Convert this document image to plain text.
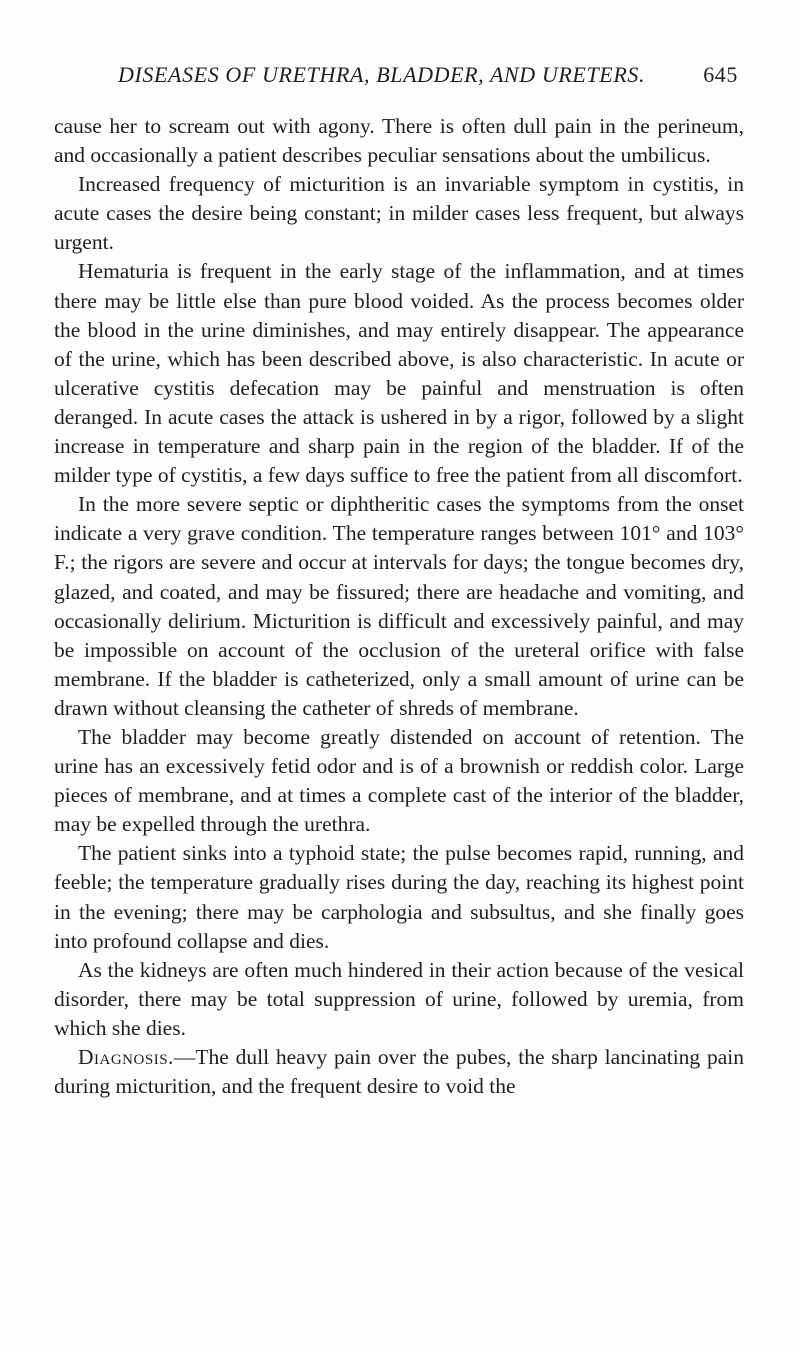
DISEASES OF URETHRA, BLADDER, AND URETERS.	645

cause her to scream out with agony. There is often dull pain in the perineum, and occasionally a patient describes peculiar sensations about the umbilicus.

Increased frequency of micturition is an invariable symptom in cystitis, in acute cases the desire being constant; in milder cases less frequent, but always urgent.

Hematuria is frequent in the early stage of the inflammation, and at times there may be little else than pure blood voided. As the process becomes older the blood in the urine diminishes, and may entirely disappear. The appearance of the urine, which has been described above, is also characteristic. In acute or ulcerative cystitis defecation may be painful and menstruation is often deranged. In acute cases the attack is ushered in by a rigor, followed by a slight increase in temperature and sharp pain in the region of the bladder. If of the milder type of cystitis, a few days suffice to free the patient from all discomfort.

In the more severe septic or diphtheritic cases the symptoms from the onset indicate a very grave condition. The temperature ranges between 101° and 103° F.; the rigors are severe and occur at intervals for days; the tongue becomes dry, glazed, and coated, and may be fissured; there are headache and vomiting, and occasionally delirium. Micturition is difficult and excessively painful, and may be impossible on account of the occlusion of the ureteral orifice with false membrane. If the bladder is catheterized, only a small amount of urine can be drawn without cleansing the catheter of shreds of membrane.

The bladder may become greatly distended on account of retention. The urine has an excessively fetid odor and is of a brownish or reddish color. Large pieces of membrane, and at times a complete cast of the interior of the bladder, may be expelled through the urethra.

The patient sinks into a typhoid state; the pulse becomes rapid, running, and feeble; the temperature gradually rises during the day, reaching its highest point in the evening; there may be carphologia and subsultus, and she finally goes into profound collapse and dies.

As the kidneys are often much hindered in their action because of the vesical disorder, there may be total suppression of urine, followed by uremia, from which she dies.

Diagnosis.—The dull heavy pain over the pubes, the sharp lancinating pain during micturition, and the frequent desire to void the
